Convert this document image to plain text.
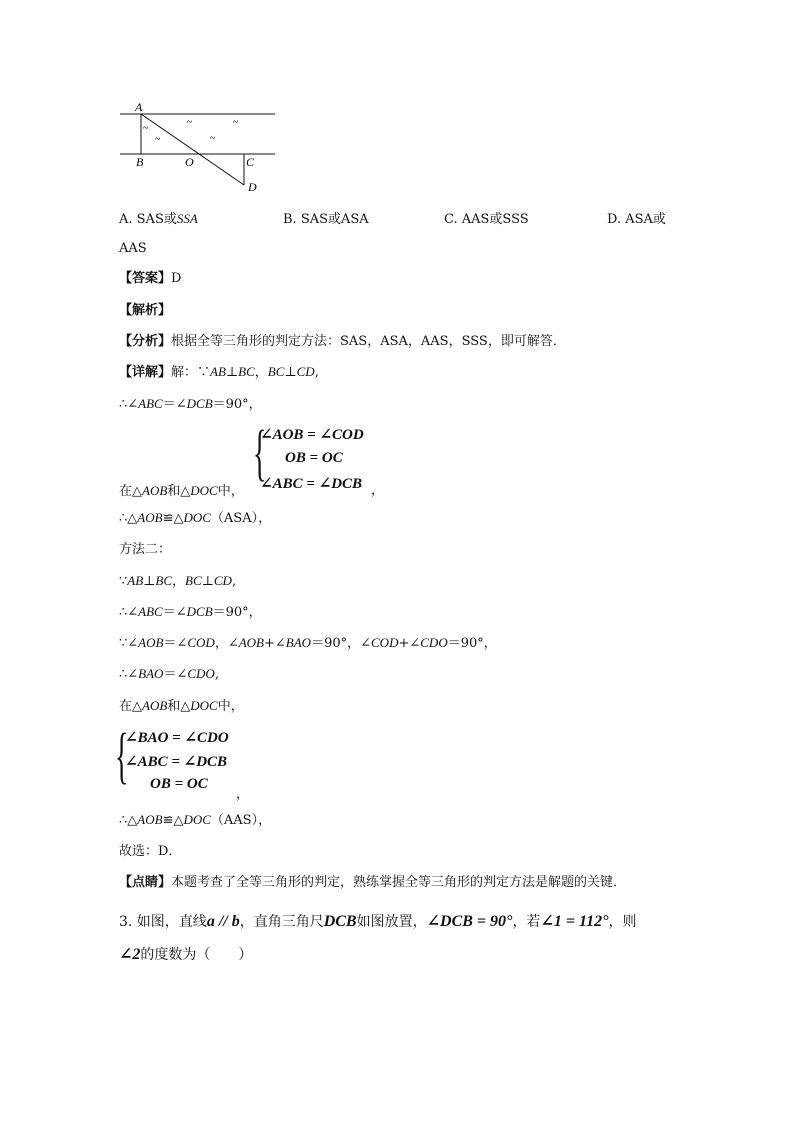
A
B	O	C
D
~
~
~
~
~
A. SAS或SSA	B. SAS或ASA	C. AAS或SSS	D. ASA或
AAS
【答案】D
【解析】
【分析】根据全等三角形的判定方法：SAS，ASA，AAS，SSS，即可解答．
【详解】解：∵AB⊥BC，BC⊥CD,
∴∠ABC＝∠DCB＝90°，
{
∠AOB = ∠COD
OB = OC
∠ABC = ∠DCB ，
在△AOB和△DOC中，
∴△AOB≌△DOC（ASA），
方法二：
∵AB⊥BC，BC⊥CD,
∴∠ABC＝∠DCB＝90°，
∵∠AOB＝∠COD，∠AOB+∠BAO＝90°，∠COD+∠CDO＝90°，
∴∠BAO＝∠CDO,
在△AOB和△DOC中，
{
∠BAO = ∠CDO
∠ABC = ∠DCB
OB = OC
，
∴△AOB≌△DOC（AAS），
故选：D．
【点睛】本题考查了全等三角形的判定，熟练掌握全等三角形的判定方法是解题的关键．
3. 如图，直线a // b，直角三角尺DCB如图放置，∠DCB = 90°，若∠1 = 112°，则
∠2的度数为（　　）
